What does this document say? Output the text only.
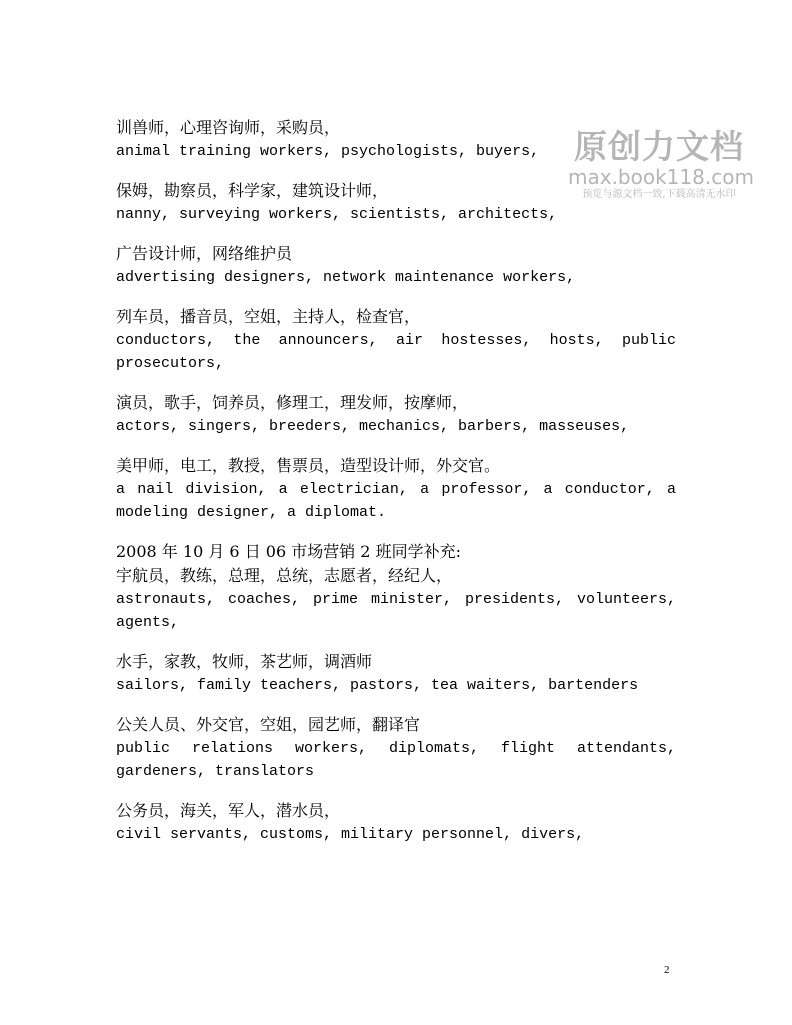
原创力文档
max.book118.com
预览与源文档一致,下载高清无水印
训兽师，心理咨询师，采购员，
animal training workers, psychologists, buyers,
保姆，勘察员，科学家，建筑设计师，
nanny, surveying workers, scientists, architects,
广告设计师，网络维护员
advertising designers, network maintenance workers,
列车员，播音员，空姐，主持人，检查官，
conductors, the announcers, air hostesses, hosts, public prosecutors,
演员，歌手，饲养员，修理工，理发师，按摩师，
actors, singers, breeders, mechanics, barbers, masseuses,
美甲师，电工，教授，售票员，造型设计师，外交官。
a nail division, a electrician, a professor, a conductor, a modeling designer, a diplomat.
2008 年 10 月 6 日 06 市场营销 2 班同学补充:
宇航员，教练，总理，总统，志愿者，经纪人，
astronauts, coaches, prime minister, presidents, volunteers, agents,
水手，家教，牧师，茶艺师，调酒师
sailors, family teachers, pastors, tea waiters, bartenders
公关人员、外交官，空姐，园艺师，翻译官
public relations workers, diplomats, flight attendants, gardeners, translators
公务员，海关，军人，潜水员，
civil servants, customs, military personnel, divers,
2
